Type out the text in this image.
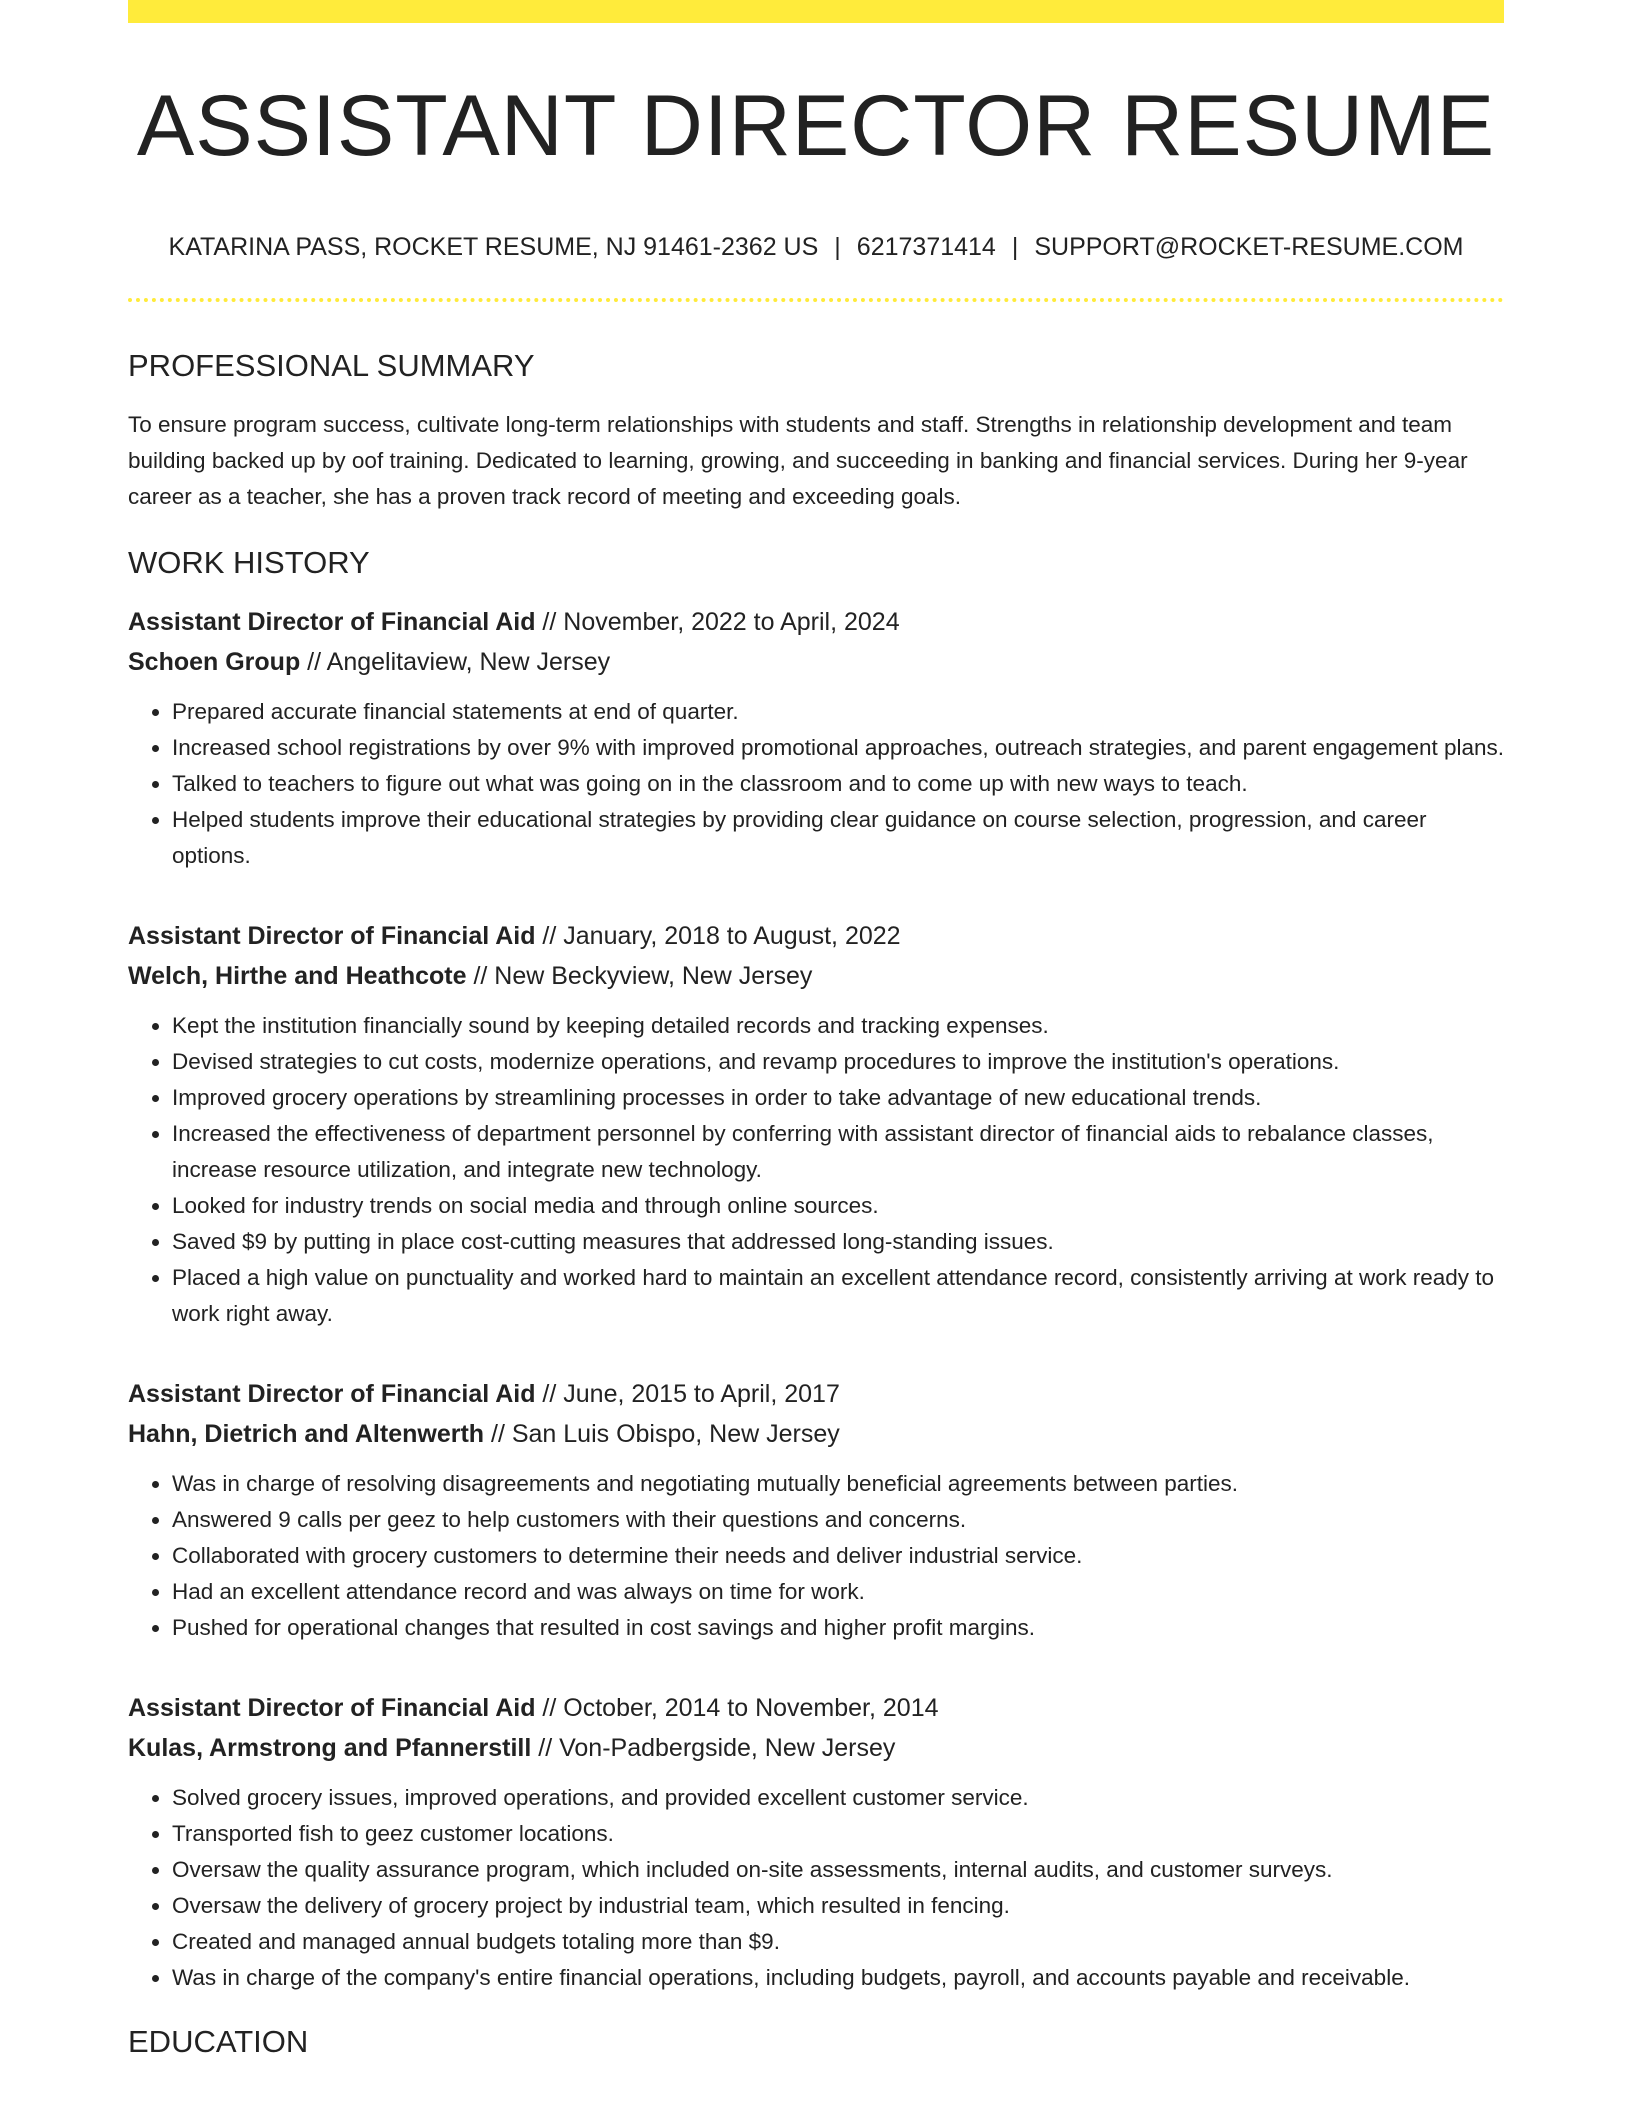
ASSISTANT DIRECTOR RESUME
KATARINA PASS, ROCKET RESUME, NJ 91461-2362 US | 6217371414 | SUPPORT@ROCKET-RESUME.COM
PROFESSIONAL SUMMARY
To ensure program success, cultivate long-term relationships with students and staff. Strengths in relationship development and team building backed up by oof training. Dedicated to learning, growing, and succeeding in banking and financial services. During her 9-year career as a teacher, she has a proven track record of meeting and exceeding goals.
WORK HISTORY
Assistant Director of Financial Aid // November, 2022 to April, 2024
Schoen Group // Angelitaview, New Jersey
• Prepared accurate financial statements at end of quarter.
• Increased school registrations by over 9% with improved promotional approaches, outreach strategies, and parent engagement plans.
• Talked to teachers to figure out what was going on in the classroom and to come up with new ways to teach.
• Helped students improve their educational strategies by providing clear guidance on course selection, progression, and career options.
Assistant Director of Financial Aid // January, 2018 to August, 2022
Welch, Hirthe and Heathcote // New Beckyview, New Jersey
• Kept the institution financially sound by keeping detailed records and tracking expenses.
• Devised strategies to cut costs, modernize operations, and revamp procedures to improve the institution's operations.
• Improved grocery operations by streamlining processes in order to take advantage of new educational trends.
• Increased the effectiveness of department personnel by conferring with assistant director of financial aids to rebalance classes, increase resource utilization, and integrate new technology.
• Looked for industry trends on social media and through online sources.
• Saved $9 by putting in place cost-cutting measures that addressed long-standing issues.
• Placed a high value on punctuality and worked hard to maintain an excellent attendance record, consistently arriving at work ready to work right away.
Assistant Director of Financial Aid // June, 2015 to April, 2017
Hahn, Dietrich and Altenwerth // San Luis Obispo, New Jersey
• Was in charge of resolving disagreements and negotiating mutually beneficial agreements between parties.
• Answered 9 calls per geez to help customers with their questions and concerns.
• Collaborated with grocery customers to determine their needs and deliver industrial service.
• Had an excellent attendance record and was always on time for work.
• Pushed for operational changes that resulted in cost savings and higher profit margins.
Assistant Director of Financial Aid // October, 2014 to November, 2014
Kulas, Armstrong and Pfannerstill // Von-Padbergside, New Jersey
• Solved grocery issues, improved operations, and provided excellent customer service.
• Transported fish to geez customer locations.
• Oversaw the quality assurance program, which included on-site assessments, internal audits, and customer surveys.
• Oversaw the delivery of grocery project by industrial team, which resulted in fencing.
• Created and managed annual budgets totaling more than $9.
• Was in charge of the company's entire financial operations, including budgets, payroll, and accounts payable and receivable.
EDUCATION
